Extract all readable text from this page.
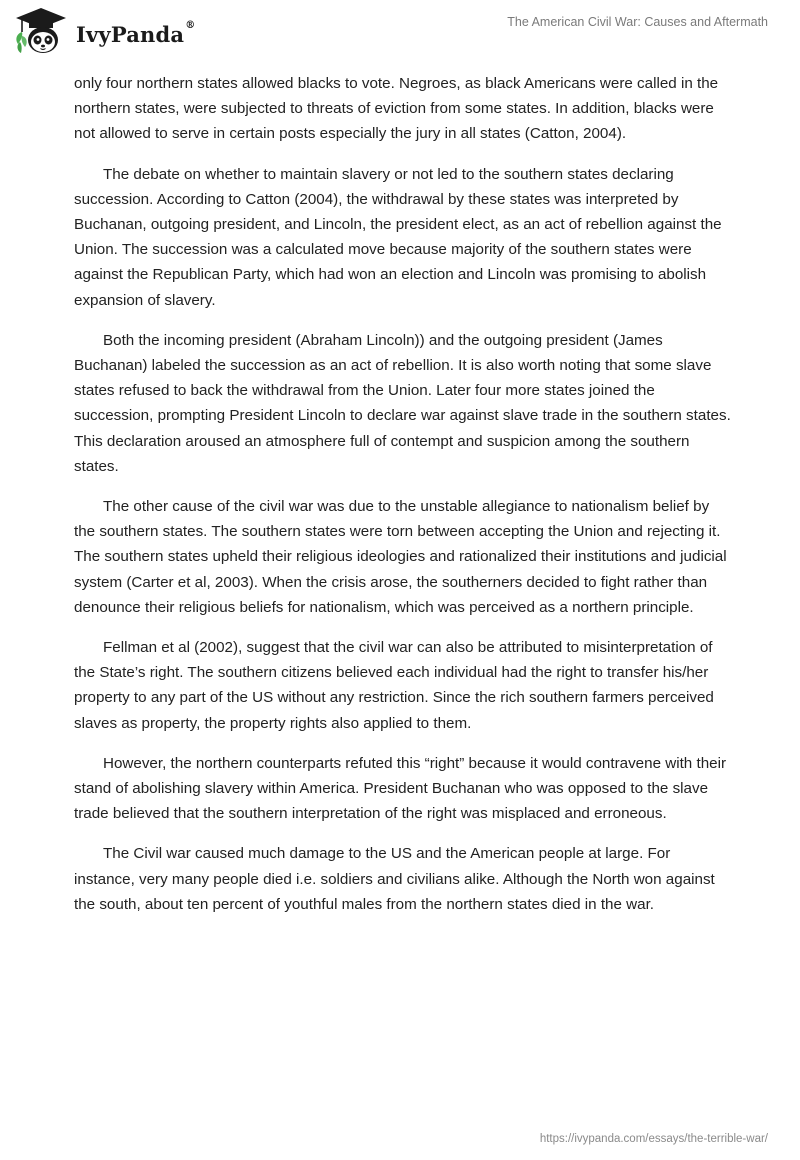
IvyPanda®	The American Civil War: Causes and Aftermath

only four northern states allowed blacks to vote. Negroes, as black Americans were called in the northern states, were subjected to threats of eviction from some states. In addition, blacks were not allowed to serve in certain posts especially the jury in all states (Catton, 2004).

The debate on whether to maintain slavery or not led to the southern states declaring succession. According to Catton (2004), the withdrawal by these states was interpreted by Buchanan, outgoing president, and Lincoln, the president elect, as an act of rebellion against the Union. The succession was a calculated move because majority of the southern states were against the Republican Party, which had won an election and Lincoln was promising to abolish expansion of slavery.

Both the incoming president (Abraham Lincoln)) and the outgoing president (James Buchanan) labeled the succession as an act of rebellion. It is also worth noting that some slave states refused to back the withdrawal from the Union. Later four more states joined the succession, prompting President Lincoln to declare war against slave trade in the southern states. This declaration aroused an atmosphere full of contempt and suspicion among the southern states.

The other cause of the civil war was due to the unstable allegiance to nationalism belief by the southern states. The southern states were torn between accepting the Union and rejecting it. The southern states upheld their religious ideologies and rationalized their institutions and judicial system (Carter et al, 2003). When the crisis arose, the southerners decided to fight rather than denounce their religious beliefs for nationalism, which was perceived as a northern principle.

Fellman et al (2002), suggest that the civil war can also be attributed to misinterpretation of the State’s right. The southern citizens believed each individual had the right to transfer his/her property to any part of the US without any restriction. Since the rich southern farmers perceived slaves as property, the property rights also applied to them.

However, the northern counterparts refuted this “right” because it would contravene with their stand of abolishing slavery within America. President Buchanan who was opposed to the slave trade believed that the southern interpretation of the right was misplaced and erroneous.

The Civil war caused much damage to the US and the American people at large. For instance, very many people died i.e. soldiers and civilians alike. Although the North won against the south, about ten percent of youthful males from the northern states died in the war.

https://ivypanda.com/essays/the-terrible-war/
